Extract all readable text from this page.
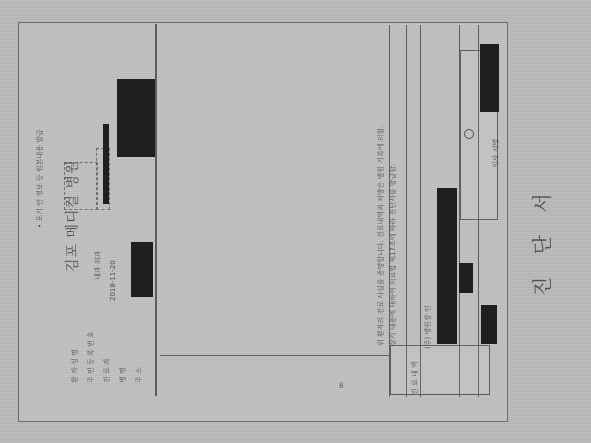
• 포기 안 정보 등 원본내용 발급 김포 메디컬 병원 내과 외과 2018-11-20
환 자 성 명 주 민 등 록 번 호 진 료 과 병 명 주 소
위 환자의 진료 사실을 증명합니다. 진료내역과 처방은 병원 기록에 의함. 상기 내용에 대하여 의료법 제17조에 따라 진단서를 발급함.
진 료 내 역
(주) 병원장 인
의사 서명
진 단 서
∞
